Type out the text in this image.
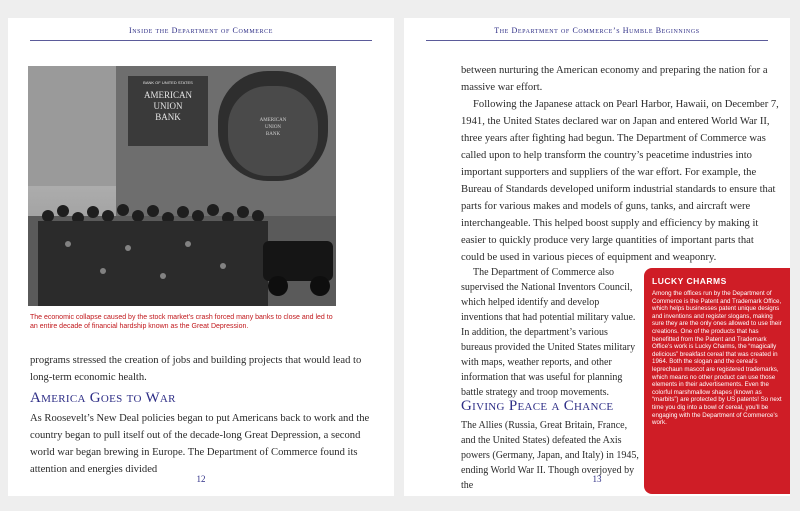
Inside the Department of Commerce
BANK OF UNITED STATES
AMERICAN
UNION
BANK	AMERICAN
UNION
BANK
The economic collapse caused by the stock market’s crash forced many banks to close and led to an entire decade of financial hardship known as the Great Depression.

programs stressed the creation of jobs and building projects that would lead to long-term economic health.

America Goes to War

As Roosevelt’s New Deal policies began to put Americans back to work and the country began to pull itself out of the decade-long Great Depression, a second world war began brewing in Europe. The Department of Commerce found its attention and energies divided

12
The Department of Commerce’s Humble Beginnings

between nurturing the American economy and preparing the nation for a massive war effort.

Following the Japanese attack on Pearl Harbor, Hawaii, on December 7, 1941, the United States declared war on Japan and entered World War II, three years after fighting had begun. The Department of Commerce was called upon to help transform the country’s peacetime industries into important supporters and suppliers of the war effort. For example, the Bureau of Standards developed uniform industrial standards to ensure that parts for various makes and models of guns, tanks, and aircraft were interchangeable. This helped boost supply and efficiency by making it easier to quickly produce very large quantities of important parts that could be used in various pieces of equipment and weaponry.

The Department of Commerce also supervised the National Inventors Council, which helped identify and develop inventions that had potential military value. In addition, the department’s various bureaus provided the United States military with maps, weather reports, and other information that was useful for planning battle strategy and troop movements.

Giving Peace a Chance

The Allies (Russia, Great Britain, France, and the United States) defeated the Axis powers (Germany, Japan, and Italy) in 1945, ending World War II. Though overjoyed by the

LUCKY CHARMS
Among the offices run by the Department of Commerce is the Patent and Trademark Office, which helps businesses patent unique designs and inventions and register slogans, making sure they are the only ones allowed to use their creations. One of the products that has benefitted from the Patent and Trademark Office’s work is Lucky Charms, the “magically delicious” breakfast cereal that was created in 1964. Both the slogan and the cereal’s leprechaun mascot are registered trademarks, which means no other product can use those elements in their advertisements. Even the colorful marshmallow shapes (known as “marbits”) are protected by US patents! So next time you dig into a bowl of cereal, you’ll be engaging with the Department of Commerce’s work.
13
